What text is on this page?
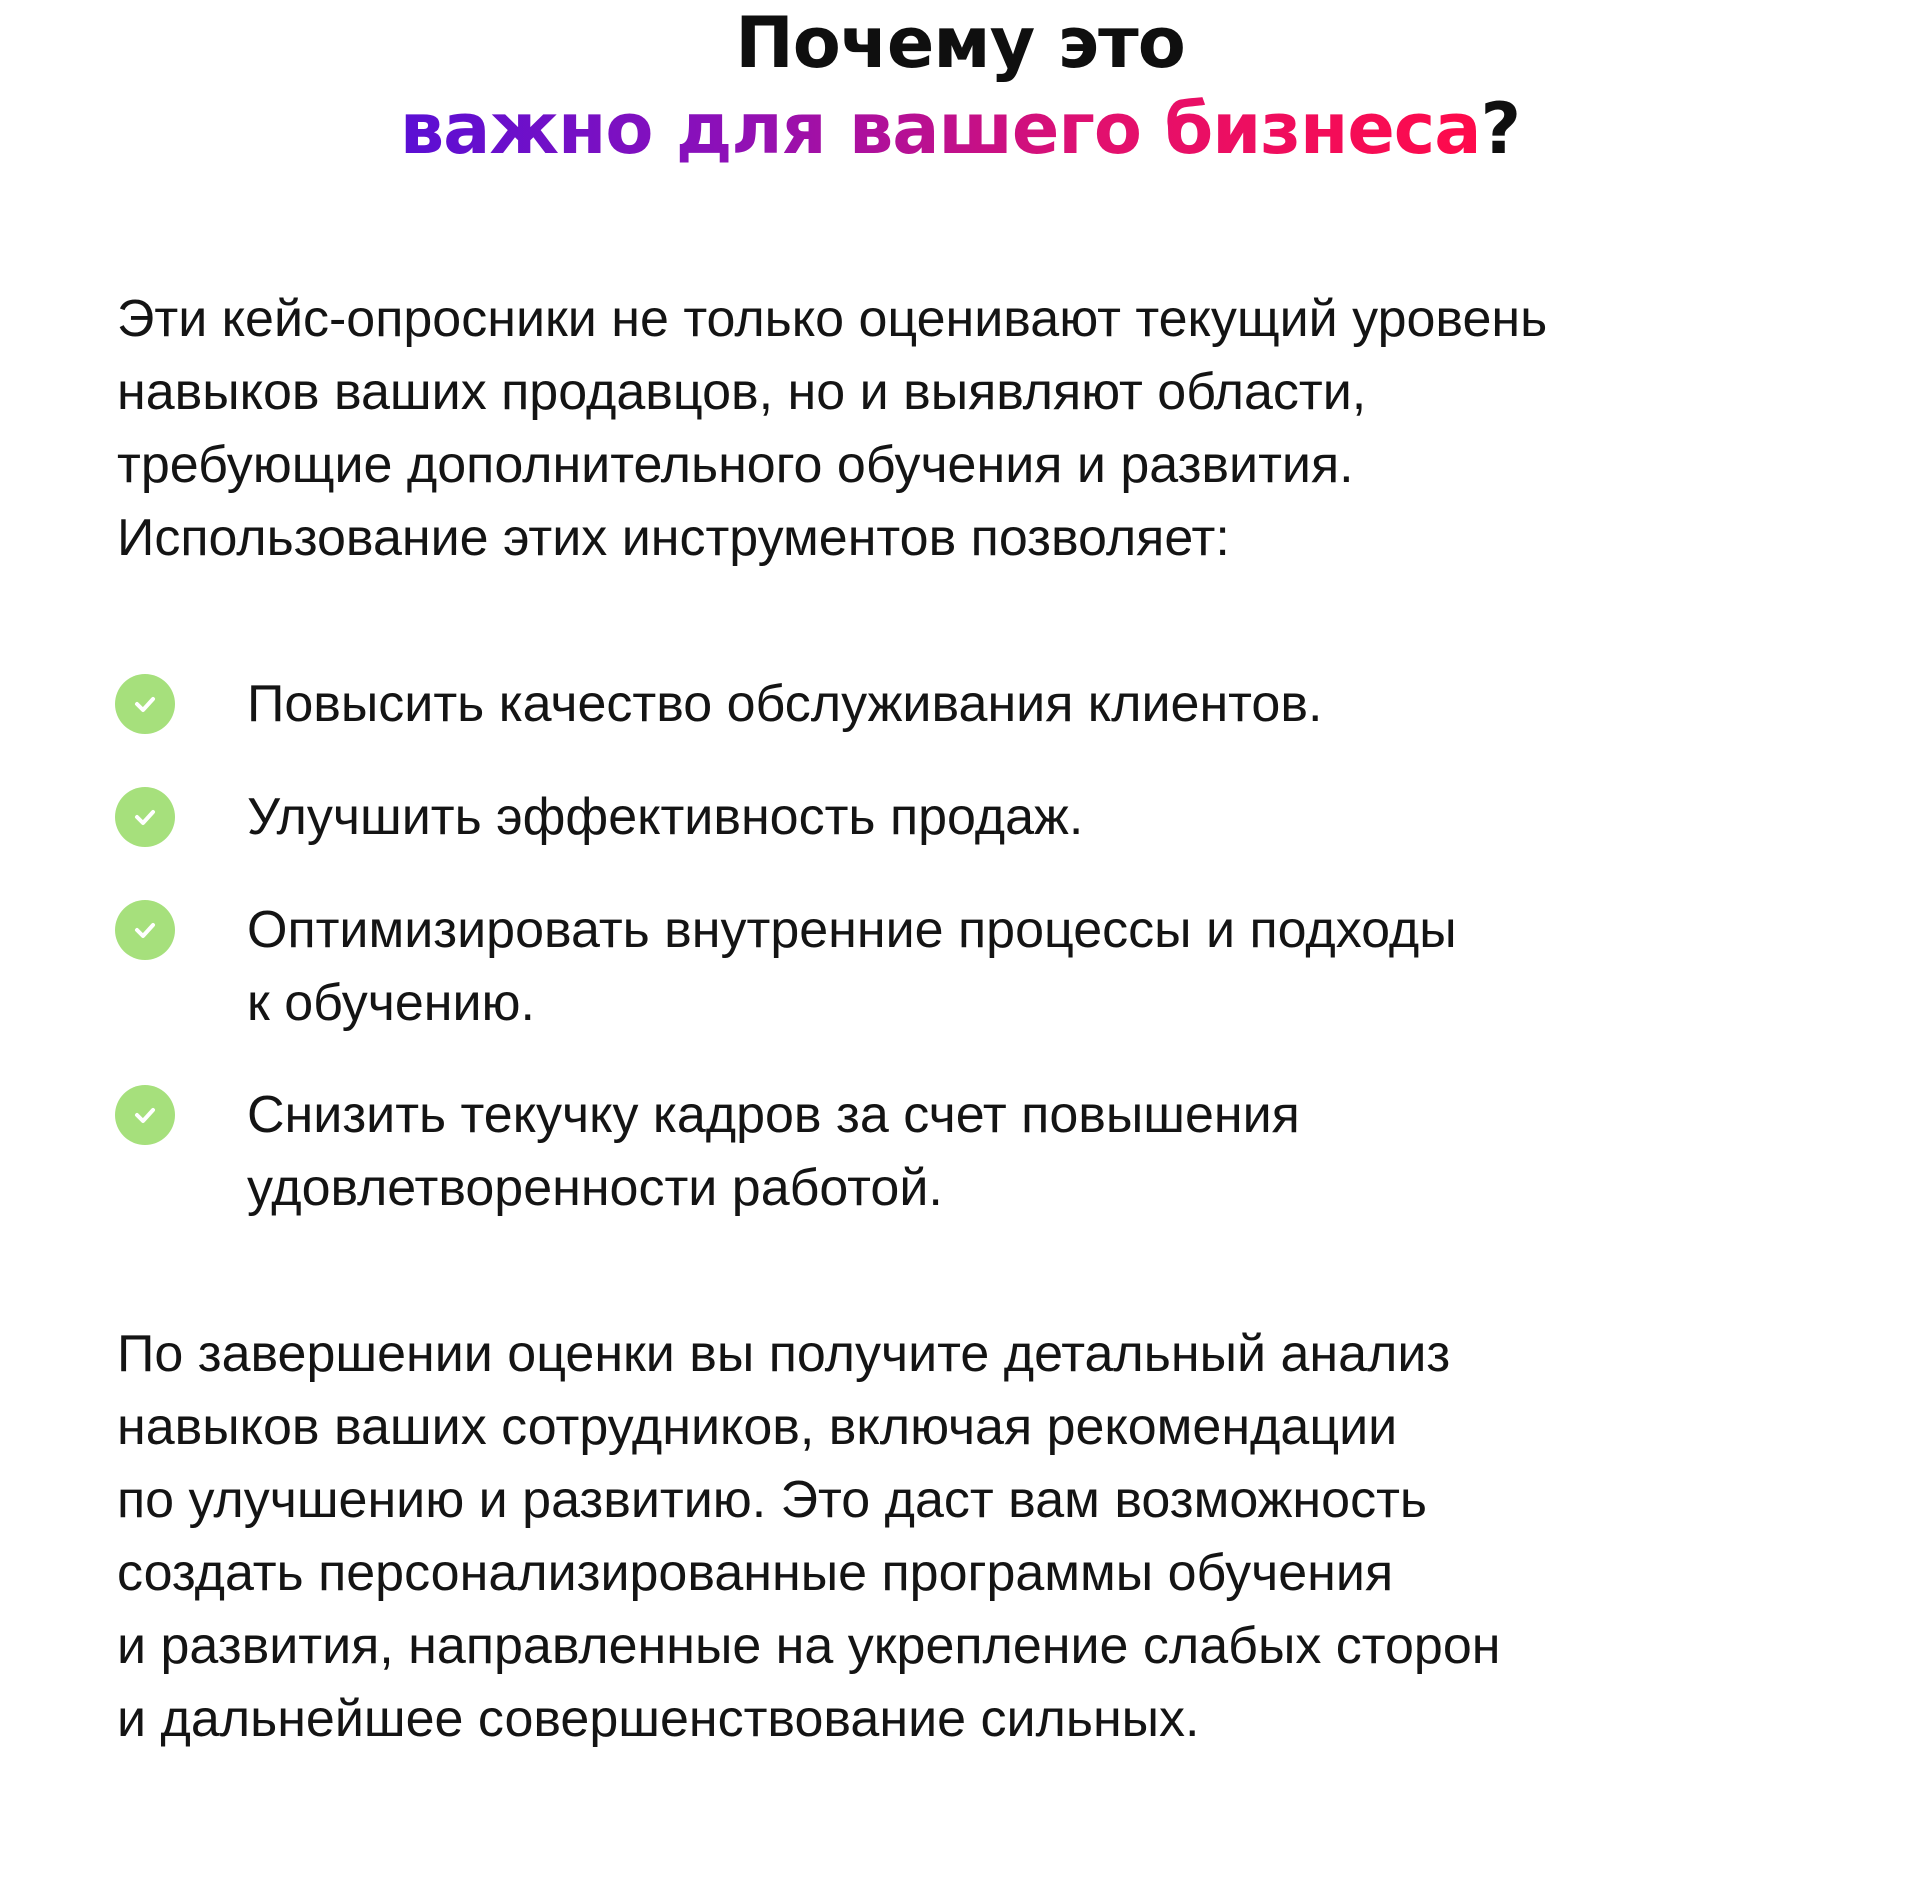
Почему это
важно для вашего бизнеса?

Эти кейс-опросники не только оценивают текущий уровень
навыков ваших продавцов, но и выявляют области,
требующие дополнительного обучения и развития.
Использование этих инструментов позволяет:

Повысить качество обслуживания клиентов.
Улучшить эффективность продаж.
Оптимизировать внутренние процессы и подходы
к обучению.
Снизить текучку кадров за счет повышения
удовлетворенности работой.

По завершении оценки вы получите детальный анализ
навыков ваших сотрудников, включая рекомендации
по улучшению и развитию. Это даст вам возможность
создать персонализированные программы обучения
и развития, направленные на укрепление слабых сторон
и дальнейшее совершенствование сильных.
